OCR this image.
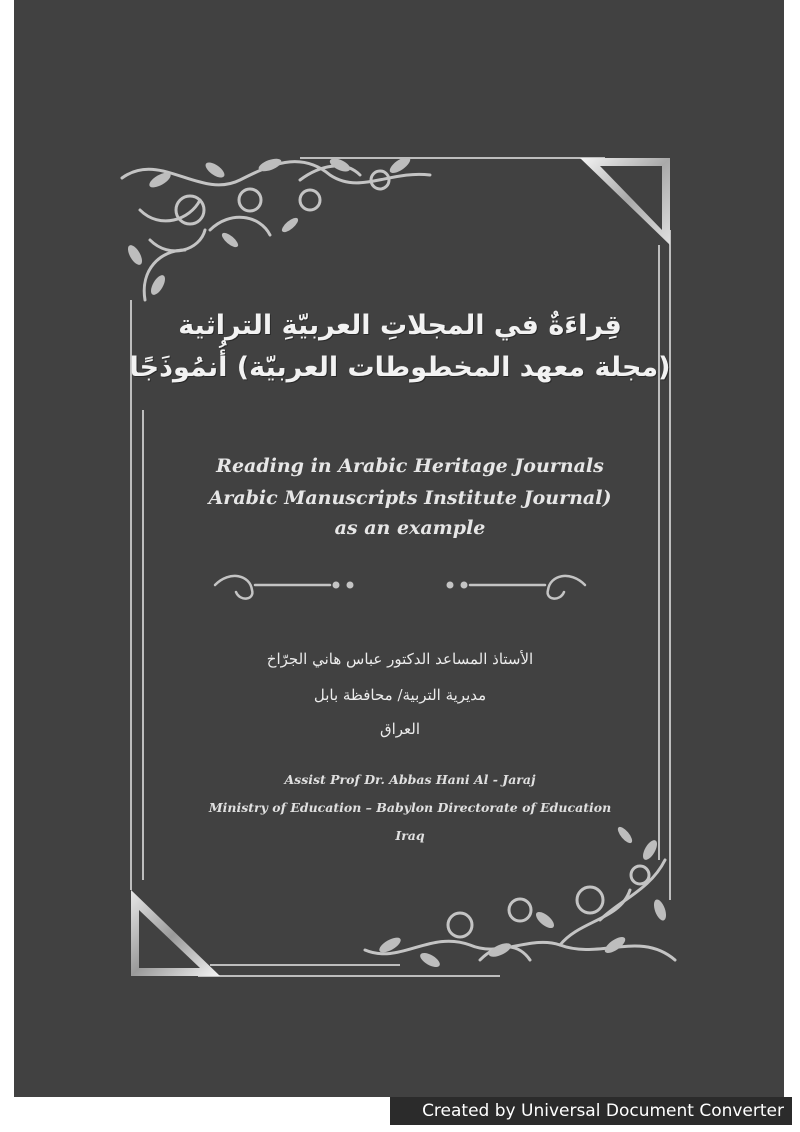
قِراءَةٌ في المجلاتِ العربيّةِ التراثية
(مجلة معهد المخطوطات العربيّة) أُنمُوذَجًا
Reading in Arabic Heritage Journals
Arabic Manuscripts Institute Journal)
as an example
الأستاذ المساعد الدكتور عباس هاني الجرّاخ
مديرية التربية/ محافظة بابل
العراق
Assist Prof Dr. Abbas Hani Al - Jaraj
Ministry of Education – Babylon Directorate of Education
Iraq
Created by Universal Document Converter
